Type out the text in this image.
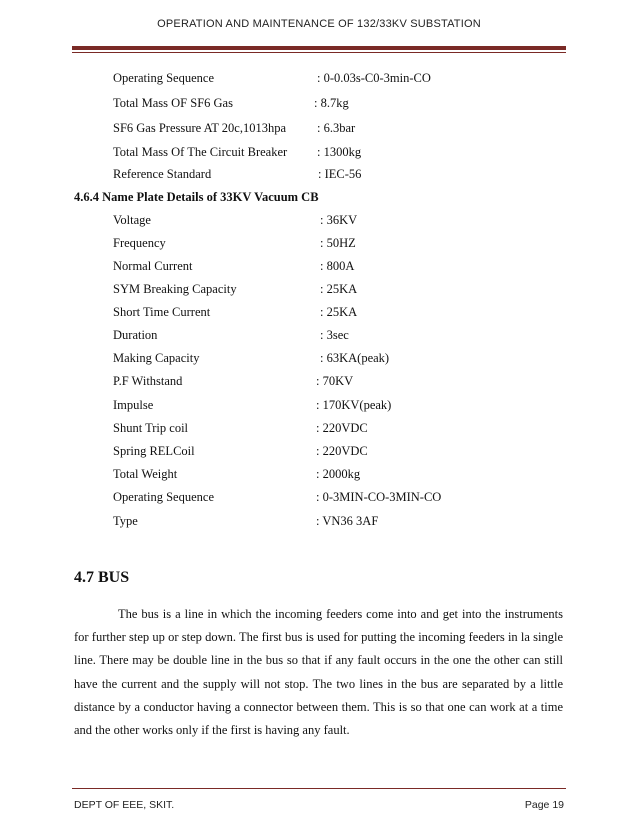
OPERATION AND MAINTENANCE OF 132/33KV SUBSTATION
Operating Sequence	: 0-0.03s-C0-3min-CO
Total Mass OF SF6 Gas	: 8.7kg
SF6 Gas Pressure AT 20c,1013hpa : 6.3bar
Total Mass Of The Circuit Breaker : 1300kg
Reference Standard	: IEC-56
4.6.4 Name Plate Details of 33KV Vacuum CB
Voltage	: 36KV
Frequency	: 50HZ
Normal Current	: 800A
SYM Breaking Capacity	: 25KA
Short Time Current	: 25KA
Duration	: 3sec
Making Capacity	: 63KA(peak)
P.F Withstand	: 70KV
Impulse	: 170KV(peak)
Shunt Trip coil	: 220VDC
Spring RELCoil	: 220VDC
Total Weight	: 2000kg
Operating Sequence	: 0-3MIN-CO-3MIN-CO
Type	: VN36 3AF
4.7 BUS

The bus is a line in which the incoming feeders come into and get into the instruments for further step up or step down. The first bus is used for putting the incoming feeders in la single line. There may be double line in the bus so that if any fault occurs in the one the other can still have the current and the supply will not stop. The two lines in the bus are separated by a little distance by a conductor having a connector between them. This is so that one can work at a time and the other works only if the first is having any fault.

DEPT OF EEE, SKIT.	Page 19
